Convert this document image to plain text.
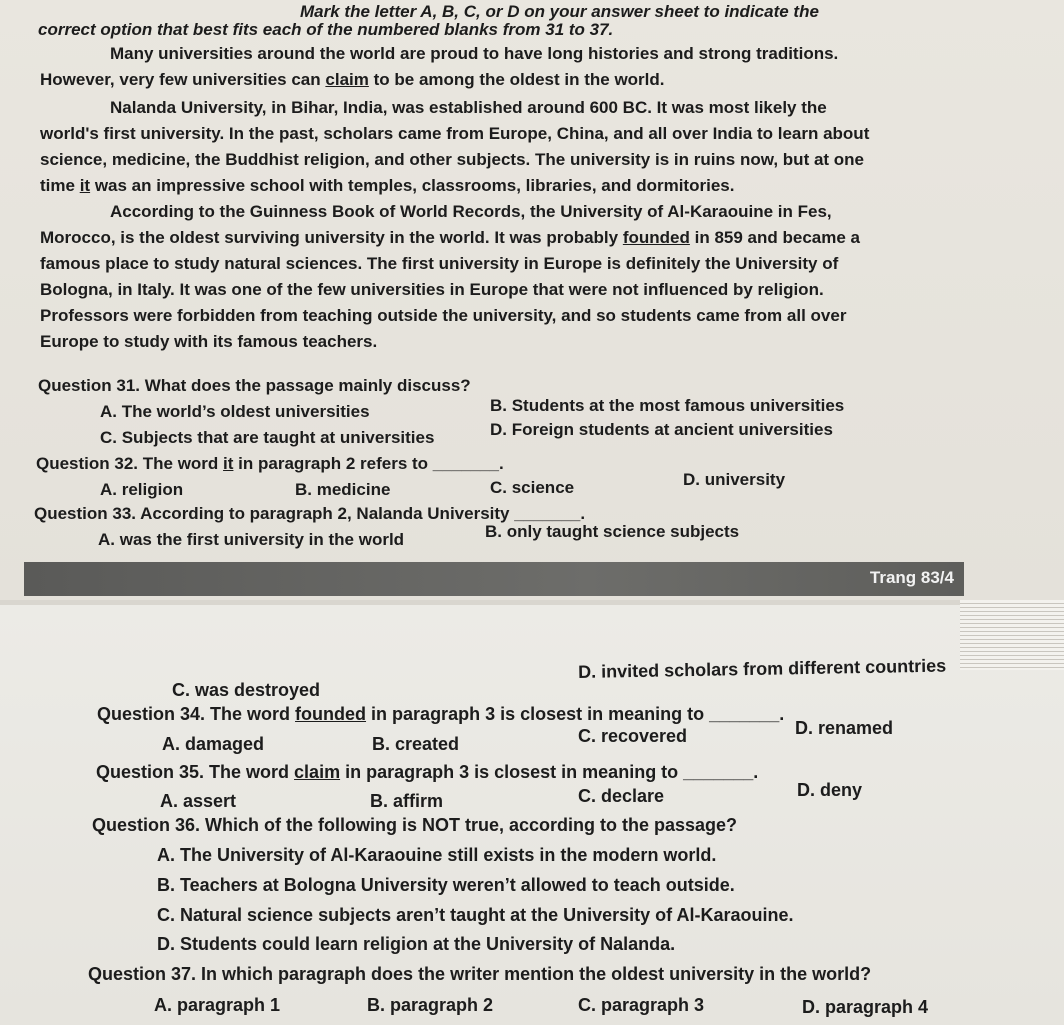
Mark the letter A, B, C, or D on your answer sheet to indicate the
correct option that best fits each of the numbered blanks from 31 to 37.
Many universities around the world are proud to have long histories and strong traditions.
However, very few universities can claim to be among the oldest in the world.
Nalanda University, in Bihar, India, was established around 600 BC. It was most likely the
world's first university. In the past, scholars came from Europe, China, and all over India to learn about
science, medicine, the Buddhist religion, and other subjects. The university is in ruins now, but at one
time it was an impressive school with temples, classrooms, libraries, and dormitories.
According to the Guinness Book of World Records, the University of Al-Karaouine in Fes,
Morocco, is the oldest surviving university in the world. It was probably founded in 859 and became a
famous place to study natural sciences. The first university in Europe is definitely the University of
Bologna, in Italy. It was one of the few universities in Europe that were not influenced by religion.
Professors were forbidden from teaching outside the university, and so students came from all over
Europe to study with its famous teachers.
Question 31. What does the passage mainly discuss?
A. The world’s oldest universities	B. Students at the most famous universities
C. Subjects that are taught at universities	D. Foreign students at ancient universities
Question 32. The word it in paragraph 2 refers to _______.
A. religion	B. medicine	C. science	D. university
Question 33. According to paragraph 2, Nalanda University _______.
A. was the first university in the world	B. only taught science subjects
Trang 83/4
C. was destroyed
D. invited scholars from different countries
Question 34. The word founded in paragraph 3 is closest in meaning to _______.
A. damaged	B. created	C. recovered	D. renamed
Question 35. The word claim in paragraph 3 is closest in meaning to _______.
A. assert	B. affirm	C. declare	D. deny
Question 36. Which of the following is NOT true, according to the passage?
A. The University of Al-Karaouine still exists in the modern world.
B. Teachers at Bologna University weren’t allowed to teach outside.
C. Natural science subjects aren’t taught at the University of Al-Karaouine.
D. Students could learn religion at the University of Nalanda.
Question 37. In which paragraph does the writer mention the oldest university in the world?
A. paragraph 1	B. paragraph 2	C. paragraph 3	D. paragraph 4
